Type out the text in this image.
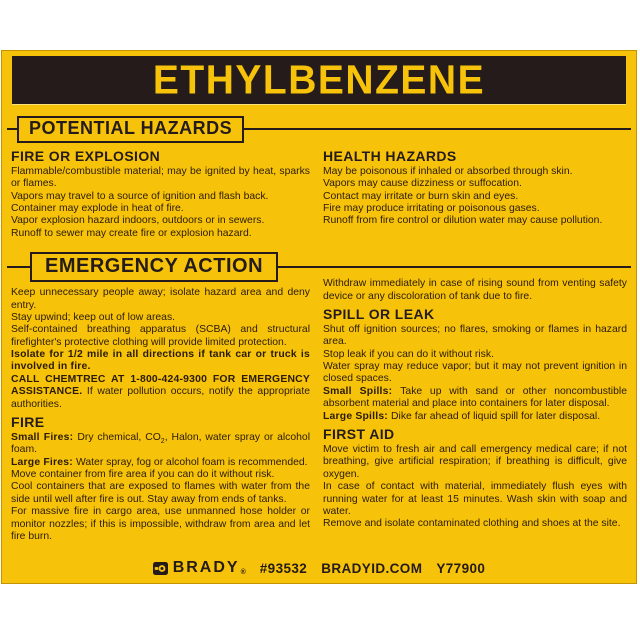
ETHYLBENZENE
POTENTIAL HAZARDS
FIRE OR EXPLOSION

Flammable/combustible material; may be ignited by heat, sparks or flames.

Vapors may travel to a source of ignition and flash back.

Container may explode in heat of fire.

Vapor explosion hazard indoors, outdoors or in sewers.

Runoff to sewer may create fire or explosion hazard.

HEALTH HAZARDS

May be poisonous if inhaled or absorbed through skin.

Vapors may cause dizziness or suffocation.

Contact may irritate or burn skin and eyes.

Fire may produce irritating or poisonous gases.

Runoff from fire control or dilution water may cause pollution.

EMERGENCY ACTION

Keep unnecessary people away; isolate hazard area and deny entry.

Stay upwind; keep out of low areas.

Self-contained breathing apparatus (SCBA) and structural firefighter's protective clothing will provide limited protection.

Isolate for 1/2 mile in all directions if tank car or truck is involved in fire.

CALL CHEMTREC AT 1-800-424-9300 FOR EMERGENCY ASSISTANCE. If water pollution occurs, notify the appropriate authorities.

FIRE

Small Fires: Dry chemical, $CO_2$, Halon, water spray or alcohol foam.

Large Fires: Water spray, fog or alcohol foam is recommended.

Move container from fire area if you can do it without risk.

Cool containers that are exposed to flames with water from the side until well after fire is out. Stay away from ends of tanks.

For massive fire in cargo area, use unmanned hose holder or monitor nozzles; if this is impossible, withdraw from area and let fire burn.

Withdraw immediately in case of rising sound from venting safety device or any discoloration of tank due to fire.

SPILL OR LEAK

Shut off ignition sources; no flares, smoking or flames in hazard area.

Stop leak if you can do it without risk.

Water spray may reduce vapor; but it may not prevent ignition in closed spaces.

Small Spills: Take up with sand or other noncombustible absorbent material and place into containers for later disposal.

Large Spills: Dike far ahead of liquid spill for later disposal.

FIRST AID

Move victim to fresh air and call emergency medical care; if not breathing, give artificial respiration; if breathing is difficult, give oxygen.

In case of contact with material, immediately flush eyes with running water for at least 15 minutes. Wash skin with soap and water.

Remove and isolate contaminated clothing and shoes at the site.

BRADY ® #93532 BRADYID.COM Y77900
